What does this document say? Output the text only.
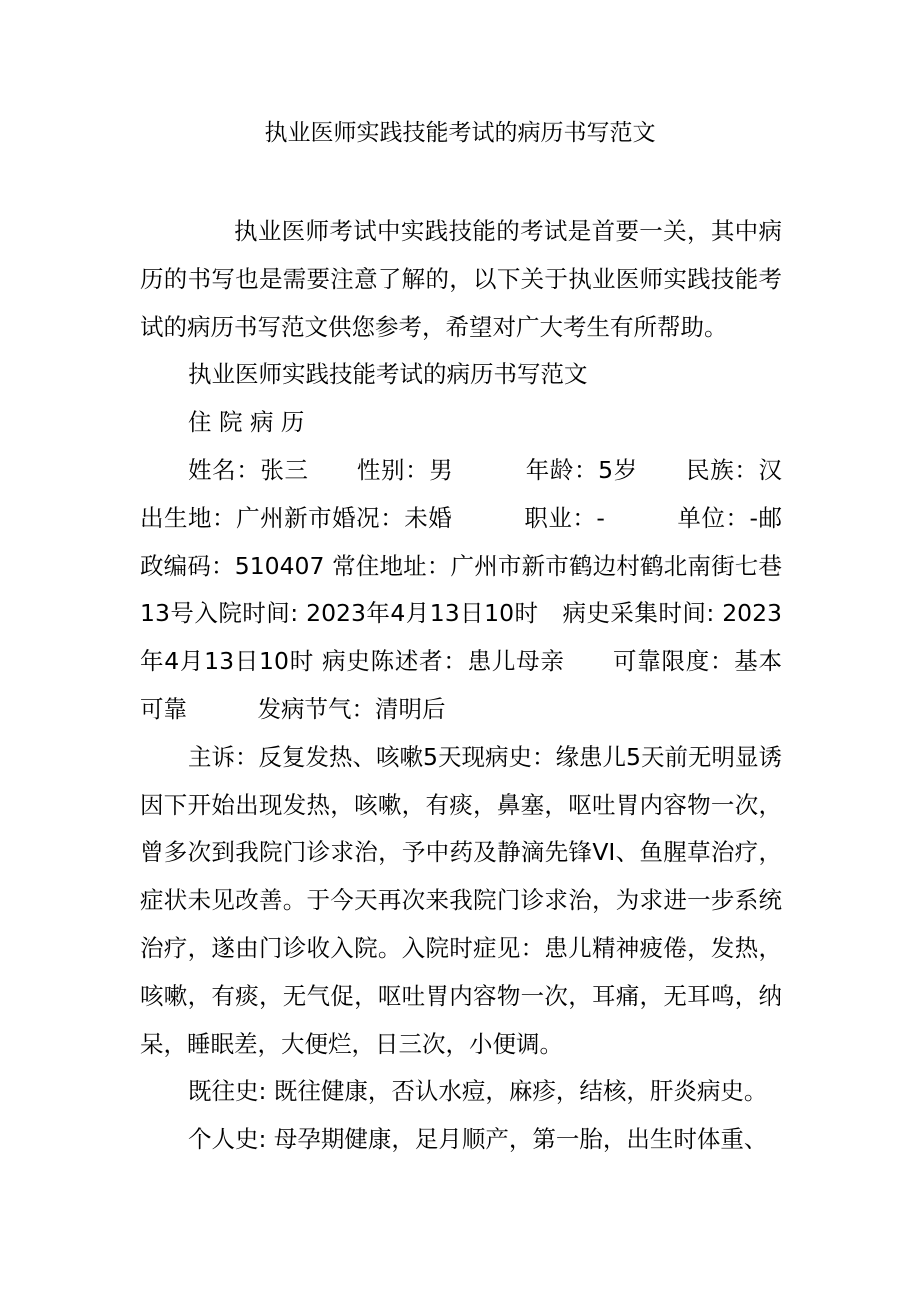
执业医师实践技能考试的病历书写范文

执业医师考试中实践技能的考试是首要一关，其中病历的书写也是需要注意了解的，以下关于执业医师实践技能考试的病历书写范文供您参考，希望对广大考生有所帮助。

执业医师实践技能考试的病历书写范文

住 院 病 历

姓名：张三　　性别：男　　　年龄：5岁　　民族：汉　　出生地：广州新市婚况：未婚　　　职业：-　　　单位：-邮政编码：510407 常住地址：广州市新市鹤边村鹤北南街七巷13号入院时间: 2023年4月13日10时　病史采集时间: 2023年4月13日10时 病史陈述者：患儿母亲　　可靠限度：基本可靠　　　发病节气：清明后

主诉：反复发热、咳嗽5天现病史：缘患儿5天前无明显诱因下开始出现发热，咳嗽，有痰，鼻塞，呕吐胃内容物一次，曾多次到我院门诊求治，予中药及静滴先锋VI、鱼腥草治疗，症状未见改善。于今天再次来我院门诊求治，为求进一步系统治疗，遂由门诊收入院。入院时症见：患儿精神疲倦，发热，咳嗽，有痰，无气促，呕吐胃内容物一次，耳痛，无耳鸣，纳呆，睡眠差，大便烂，日三次，小便调。

既往史: 既往健康，否认水痘，麻疹，结核，肝炎病史。

个人史: 母孕期健康，足月顺产，第一胎，出生时体重、
